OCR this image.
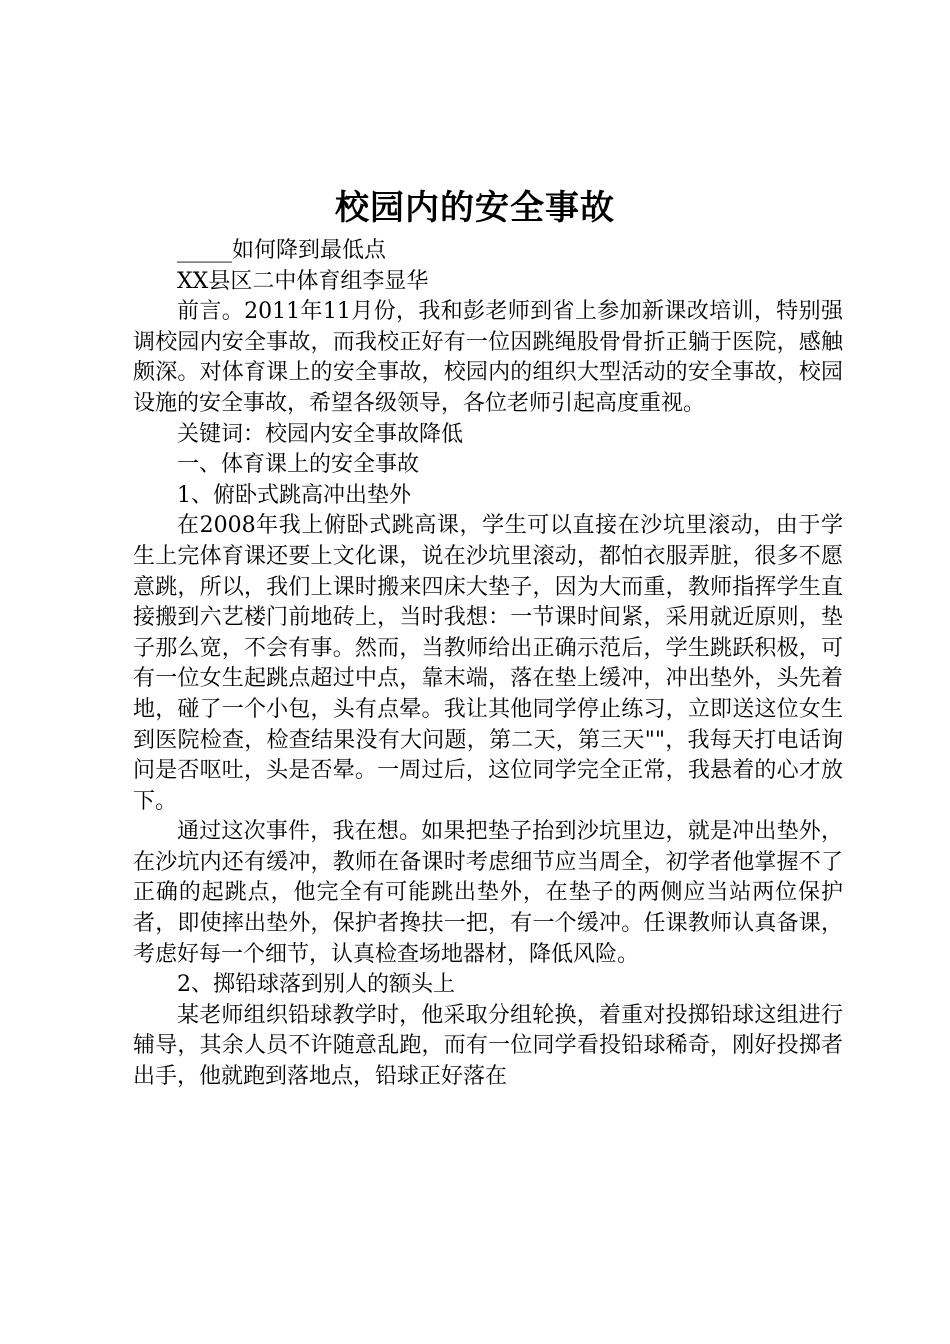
校园内的安全事故

_____如何降到最低点

XX县区二中体育组李显华

前言。2011年11月份，我和彭老师到省上参加新课改培训，特别强调校园内安全事故，而我校正好有一位因跳绳股骨骨折正躺于医院，感触颇深。对体育课上的安全事故，校园内的组织大型活动的安全事故，校园设施的安全事故，希望各级领导，各位老师引起高度重视。

关键词：校园内安全事故降低

一、体育课上的安全事故

1、俯卧式跳高冲出垫外

在2008年我上俯卧式跳高课，学生可以直接在沙坑里滚动，由于学生上完体育课还要上文化课，说在沙坑里滚动，都怕衣服弄脏，很多不愿意跳，所以，我们上课时搬来四床大垫子，因为大而重，教师指挥学生直接搬到六艺楼门前地砖上，当时我想：一节课时间紧，采用就近原则，垫子那么宽，不会有事。然而，当教师给出正确示范后，学生跳跃积极，可有一位女生起跳点超过中点，靠末端，落在垫上缓冲，冲出垫外，头先着地，碰了一个小包，头有点晕。我让其他同学停止练习，立即送这位女生到医院检查，检查结果没有大问题，第二天，第三天""，我每天打电话询问是否呕吐，头是否晕。一周过后，这位同学完全正常，我悬着的心才放下。

通过这次事件，我在想。如果把垫子抬到沙坑里边，就是冲出垫外，在沙坑内还有缓冲，教师在备课时考虑细节应当周全，初学者他掌握不了正确的起跳点，他完全有可能跳出垫外，在垫子的两侧应当站两位保护者，即使摔出垫外，保护者搀扶一把，有一个缓冲。任课教师认真备课，考虑好每一个细节，认真检查场地器材，降低风险。

2、掷铅球落到别人的额头上

某老师组织铅球教学时，他采取分组轮换，着重对投掷铅球这组进行辅导，其余人员不许随意乱跑，而有一位同学看投铅球稀奇，刚好投掷者出手，他就跑到落地点，铅球正好落在
